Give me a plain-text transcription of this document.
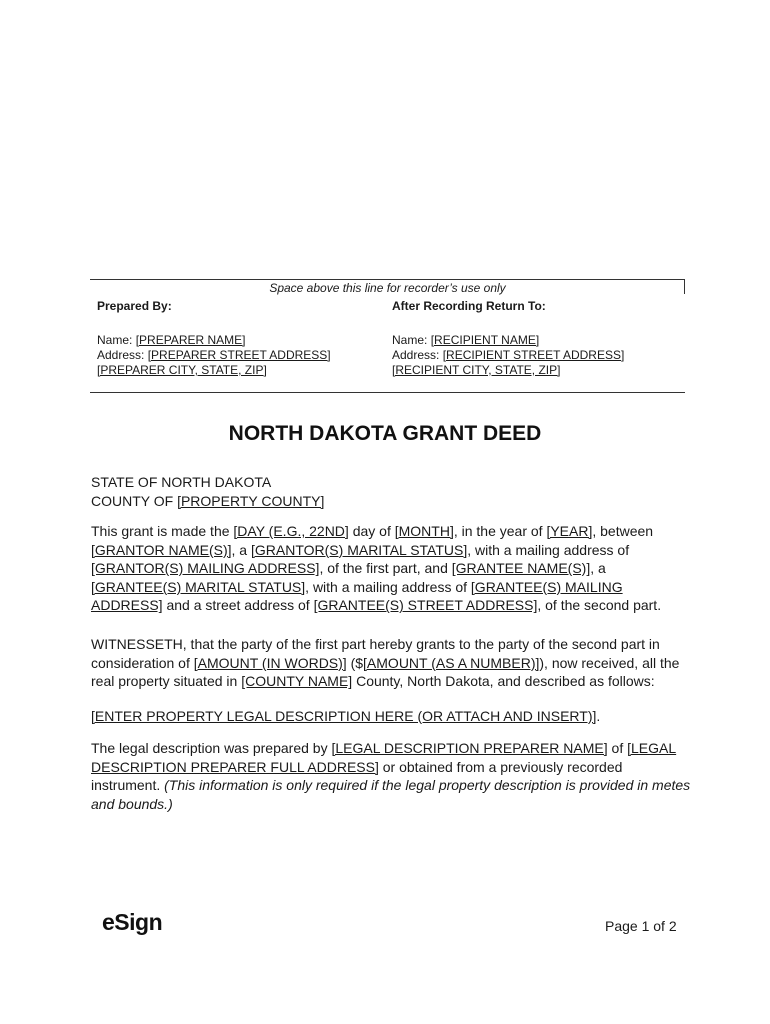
Space above this line for recorder’s use only
Prepared By:
Name: [PREPARER NAME]
Address: [PREPARER STREET ADDRESS]
[PREPARER CITY, STATE, ZIP]
After Recording Return To:
Name: [RECIPIENT NAME]
Address: [RECIPIENT STREET ADDRESS]
[RECIPIENT CITY, STATE, ZIP]
NORTH DAKOTA GRANT DEED
STATE OF NORTH DAKOTA
COUNTY OF [PROPERTY COUNTY]
This grant is made the [DAY (E.G., 22ND] day of [MONTH], in the year of [YEAR], between [GRANTOR NAME(S)], a [GRANTOR(S) MARITAL STATUS], with a mailing address of [GRANTOR(S) MAILING ADDRESS], of the first part, and [GRANTEE NAME(S)], a [GRANTEE(S) MARITAL STATUS], with a mailing address of [GRANTEE(S) MAILING ADDRESS] and a street address of [GRANTEE(S) STREET ADDRESS], of the second part.
WITNESSETH, that the party of the first part hereby grants to the party of the second part in consideration of [AMOUNT (IN WORDS)] ($[AMOUNT (AS A NUMBER)]), now received, all the real property situated in [COUNTY NAME] County, North Dakota, and described as follows:
[ENTER PROPERTY LEGAL DESCRIPTION HERE (OR ATTACH AND INSERT)].
The legal description was prepared by [LEGAL DESCRIPTION PREPARER NAME] of [LEGAL DESCRIPTION PREPARER FULL ADDRESS] or obtained from a previously recorded instrument. (This information is only required if the legal property description is provided in metes and bounds.)
eSign	Page 1 of 2
